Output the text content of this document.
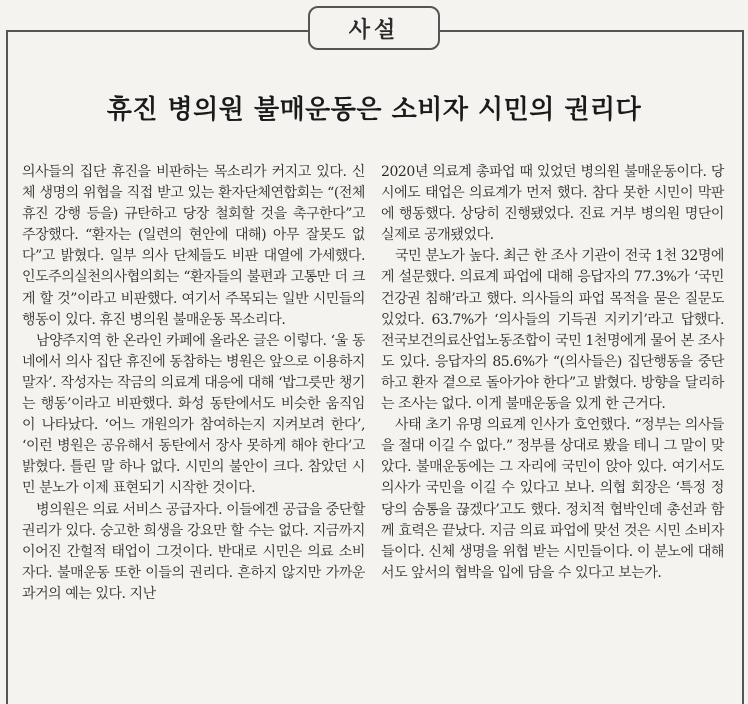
사설
휴진 병의원 불매운동은 소비자 시민의 권리다

의사들의 집단 휴진을 비판하는 목소리가 커지고 있다. 신체 생명의 위협을 직접 받고 있는 환자단체연합회는 “(전체 휴진 강행 등을) 규탄하고 당장 철회할 것을 촉구한다”고 주장했다. “환자는 (일련의 현안에 대해) 아무 잘못도 없다”고 밝혔다. 일부 의사 단체들도 비판 대열에 가세했다. 인도주의실천의사협의회는 “환자들의 불편과 고통만 더 크게 할 것”이라고 비판했다. 여기서 주목되는 일반 시민들의 행동이 있다. 휴진 병의원 불매운동 목소리다.

남양주지역 한 온라인 카페에 올라온 글은 이렇다. ‘울 동네에서 의사 집단 휴진에 동참하는 병원은 앞으로 이용하지 말자’. 작성자는 작금의 의료계 대응에 대해 ‘밥그릇만 챙기는 행동’이라고 비판했다. 화성 동탄에서도 비슷한 움직임이 나타났다. ‘어느 개원의가 참여하는지 지켜보려 한다’, ‘이런 병원은 공유해서 동탄에서 장사 못하게 해야 한다’고 밝혔다. 틀린 말 하나 없다. 시민의 불안이 크다. 참았던 시민 분노가 이제 표현되기 시작한 것이다.

병의원은 의료 서비스 공급자다. 이들에겐 공급을 중단할 권리가 있다. 숭고한 희생을 강요만 할 수는 없다. 지금까지 이어진 간헐적 태업이 그것이다. 반대로 시민은 의료 소비자다. 불매운동 또한 이들의 권리다. 흔하지 않지만 가까운 과거의 예는 있다. 지난

2020년 의료계 총파업 때 있었던 병의원 불매운동이다. 당시에도 태업은 의료계가 먼저 했다. 참다 못한 시민이 막판에 행동했다. 상당히 진행됐었다. 진료 거부 병의원 명단이 실제로 공개됐었다.

국민 분노가 높다. 최근 한 조사 기관이 전국 1천 32명에게 설문했다. 의료계 파업에 대해 응답자의 77.3%가 ‘국민 건강권 침해’라고 했다. 의사들의 파업 목적을 묻은 질문도 있었다. 63.7%가 ‘의사들의 기득권 지키기’라고 답했다. 전국보건의료산업노동조합이 국민 1천명에게 물어 본 조사도 있다. 응답자의 85.6%가 “(의사들은) 집단행동을 중단하고 환자 곁으로 돌아가야 한다”고 밝혔다. 방향을 달리하는 조사는 없다. 이게 불매운동을 있게 한 근거다.

사태 초기 유명 의료계 인사가 호언했다. “정부는 의사들을 절대 이길 수 없다.” 정부를 상대로 봤을 테니 그 말이 맞았다. 불매운동에는 그 자리에 국민이 앉아 있다. 여기서도 의사가 국민을 이길 수 있다고 보나. 의협 회장은 ‘특정 정당의 숨통을 끊겠다’고도 했다. 정치적 협박인데 총선과 함께 효력은 끝났다. 지금 의료 파업에 맞선 것은 시민 소비자들이다. 신체 생명을 위협 받는 시민들이다. 이 분노에 대해서도 앞서의 협박을 입에 담을 수 있다고 보는가.
